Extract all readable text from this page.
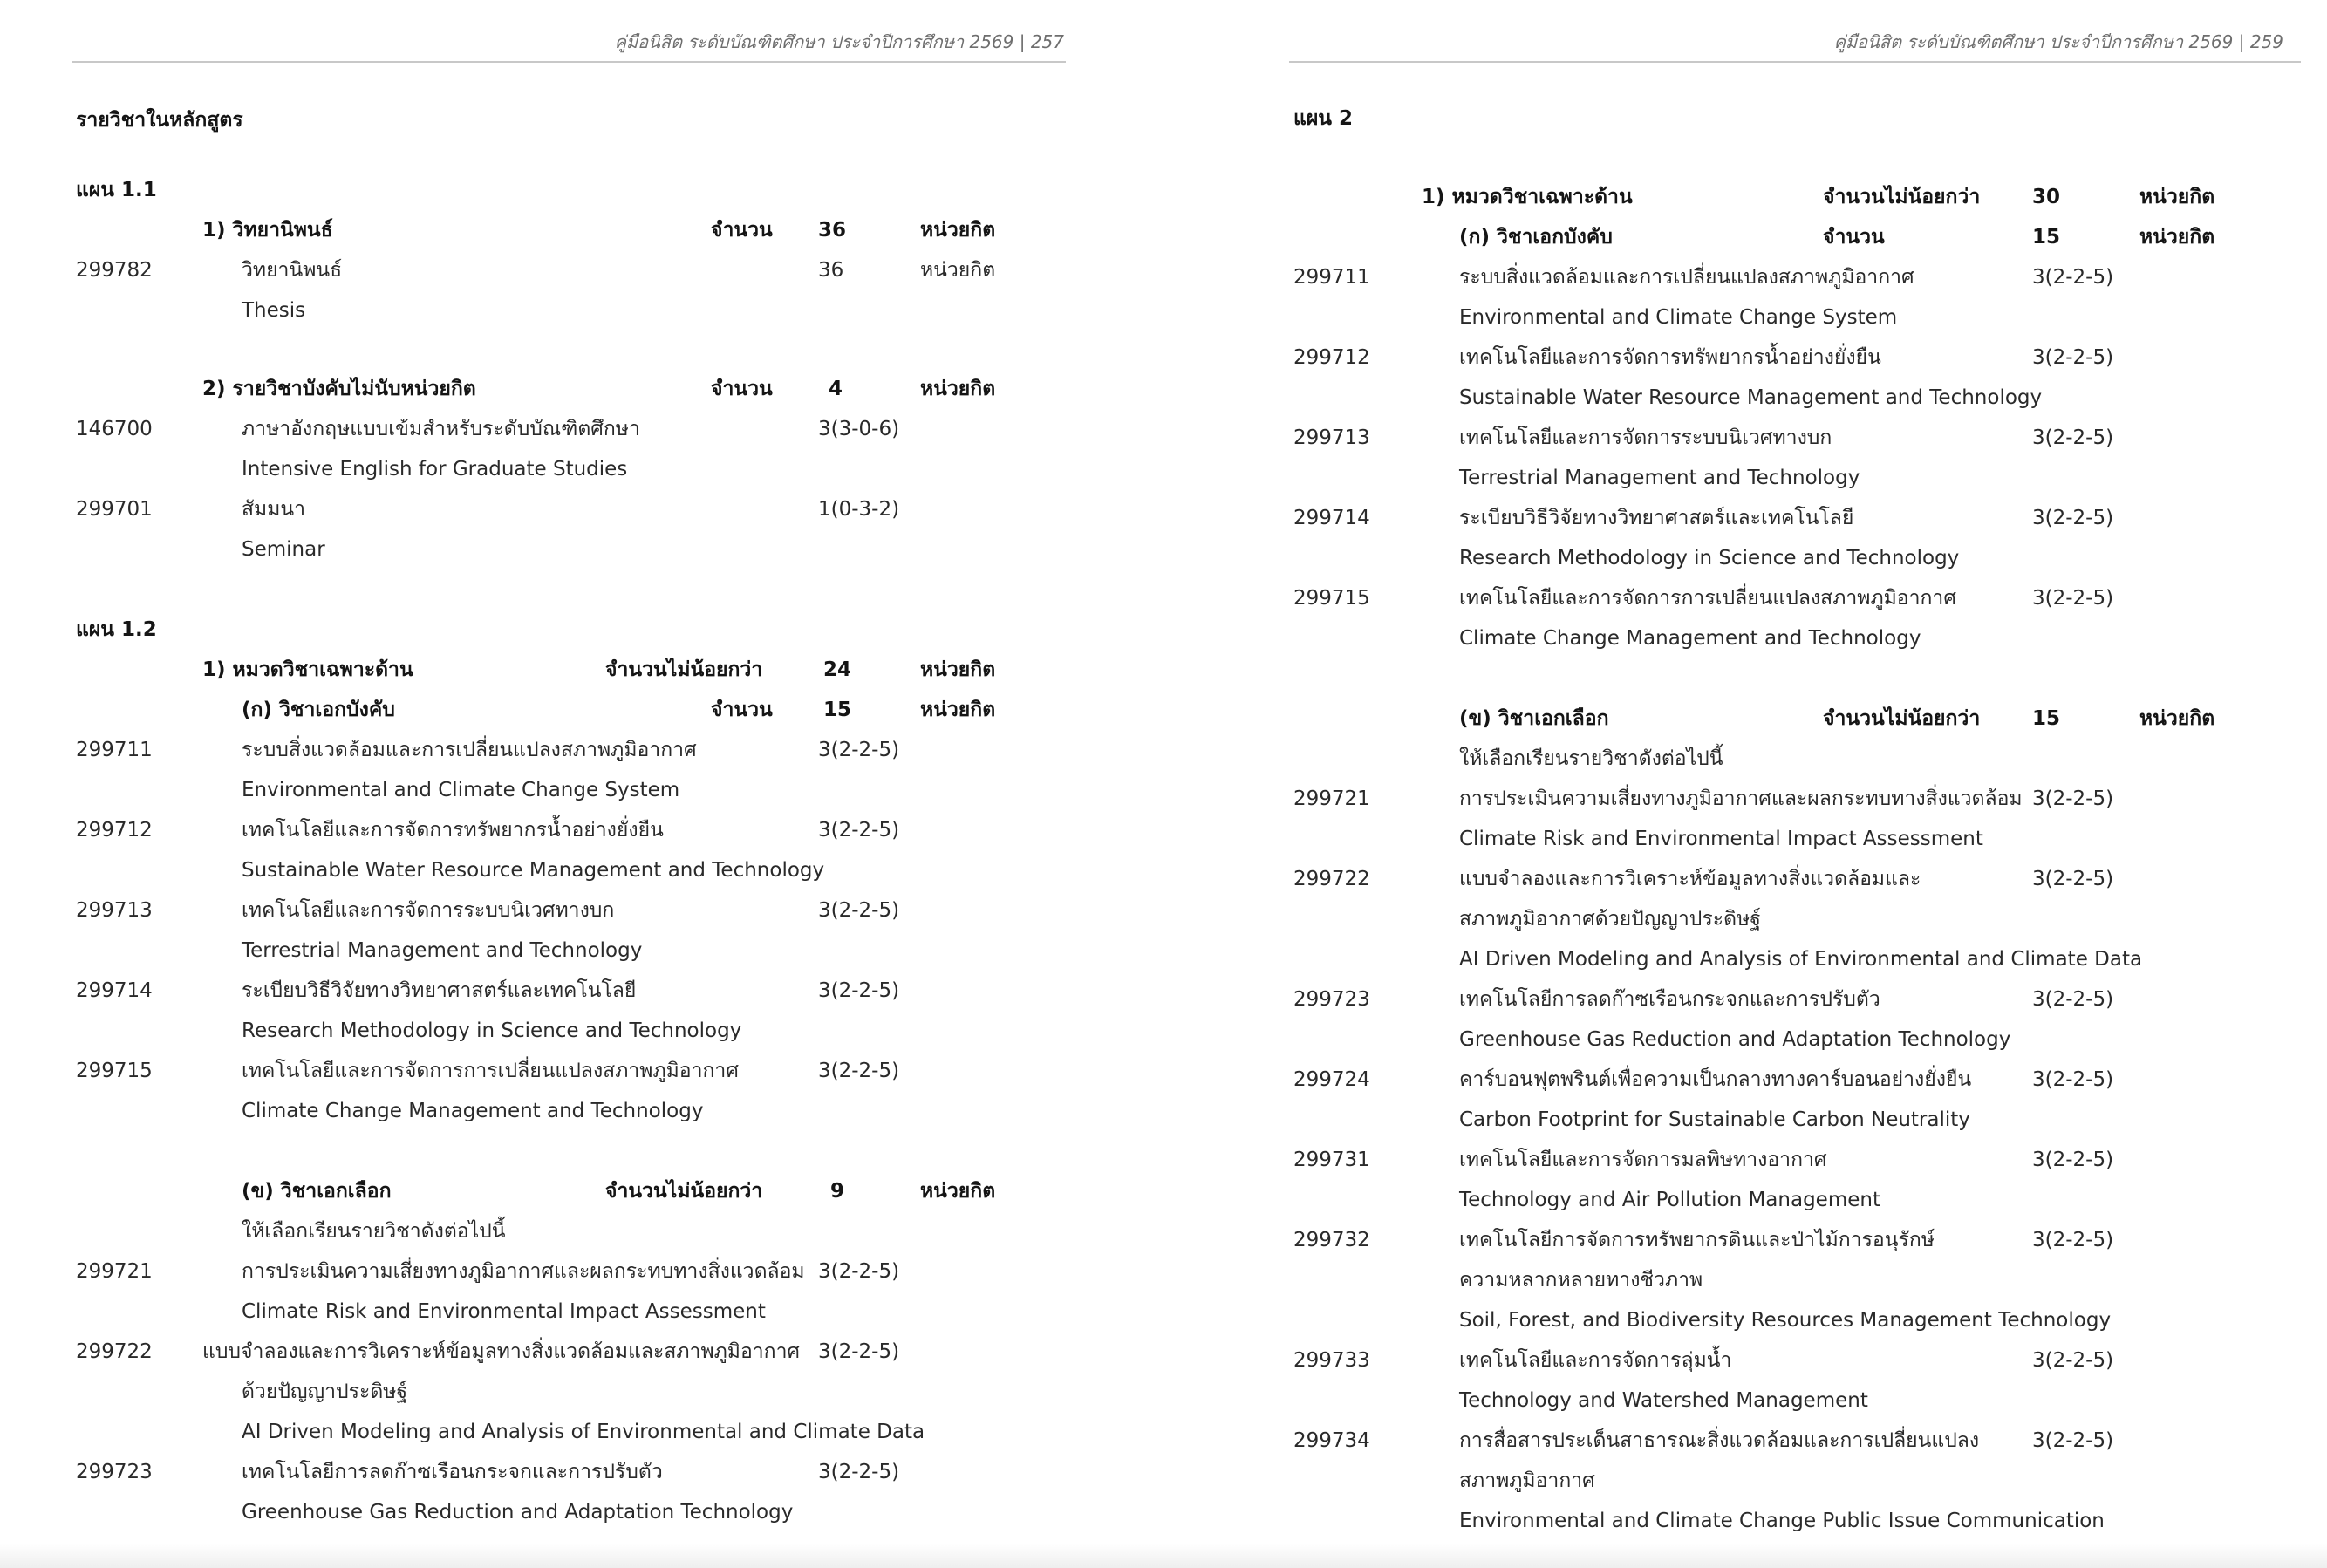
คู่มือนิสิต ระดับบัณฑิตศึกษา ประจำปีการศึกษา 2569 | 257
รายวิชาในหลักสูตร
แผน 1.1
1) วิทยานิพนธ์	จำนวน 36	หน่วยกิต
299782	วิทยานิพนธ์	36	หน่วยกิต
Thesis
2) รายวิชาบังคับไม่นับหน่วยกิต	จำนวน	4	หน่วยกิต
146700	ภาษาอังกฤษแบบเข้มสำหรับระดับบัณฑิตศึกษา	3(3-0-6)
Intensive English for Graduate Studies
299701	สัมมนา	1(0-3-2)
Seminar
แผน 1.2
1) หมวดวิชาเฉพาะด้าน	จำนวนไม่น้อยกว่า	24	หน่วยกิต
(ก) วิชาเอกบังคับ	จำนวน	15	หน่วยกิต
299711	ระบบสิ่งแวดล้อมและการเปลี่ยนแปลงสภาพภูมิอากาศ	3(2-2-5)
Environmental and Climate Change System
299712	เทคโนโลยีและการจัดการทรัพยากรน้ำอย่างยั่งยืน	3(2-2-5)
Sustainable Water Resource Management and Technology
299713	เทคโนโลยีและการจัดการระบบนิเวศทางบก	3(2-2-5)
Terrestrial Management and Technology
299714	ระเบียบวิธีวิจัยทางวิทยาศาสตร์และเทคโนโลยี	3(2-2-5)
Research Methodology in Science and Technology
299715	เทคโนโลยีและการจัดการการเปลี่ยนแปลงสภาพภูมิอากาศ	3(2-2-5)
Climate Change Management and Technology
(ข) วิชาเอกเลือก	จำนวนไม่น้อยกว่า	9	หน่วยกิต
ให้เลือกเรียนรายวิชาดังต่อไปนี้
299721	การประเมินความเสี่ยงทางภูมิอากาศและผลกระทบทางสิ่งแวดล้อม 3(2-2-5)
Climate Risk and Environmental Impact Assessment
299722 แบบจำลองและการวิเคราะห์ข้อมูลทางสิ่งแวดล้อมและสภาพภูมิอากาศ 3(2-2-5)
ด้วยปัญญาประดิษฐ์
AI Driven Modeling and Analysis of Environmental and Climate Data
299723	เทคโนโลยีการลดก๊าซเรือนกระจกและการปรับตัว	3(2-2-5)
Greenhouse Gas Reduction and Adaptation Technology
คู่มือนิสิต ระดับบัณฑิตศึกษา ประจำปีการศึกษา 2569 | 259
แผน 2
1) หมวดวิชาเฉพาะด้าน	จำนวนไม่น้อยกว่า	30	หน่วยกิต
(ก) วิชาเอกบังคับ	จำนวน	15	หน่วยกิต
299711	ระบบสิ่งแวดล้อมและการเปลี่ยนแปลงสภาพภูมิอากาศ	3(2-2-5)
Environmental and Climate Change System
299712	เทคโนโลยีและการจัดการทรัพยากรน้ำอย่างยั่งยืน	3(2-2-5)
Sustainable Water Resource Management and Technology
299713	เทคโนโลยีและการจัดการระบบนิเวศทางบก	3(2-2-5)
Terrestrial Management and Technology
299714	ระเบียบวิธีวิจัยทางวิทยาศาสตร์และเทคโนโลยี	3(2-2-5)
Research Methodology in Science and Technology
299715	เทคโนโลยีและการจัดการการเปลี่ยนแปลงสภาพภูมิอากาศ	3(2-2-5)
Climate Change Management and Technology
(ข) วิชาเอกเลือก	จำนวนไม่น้อยกว่า	15	หน่วยกิต
ให้เลือกเรียนรายวิชาดังต่อไปนี้
299721	การประเมินความเสี่ยงทางภูมิอากาศและผลกระทบทางสิ่งแวดล้อม 3(2-2-5)
Climate Risk and Environmental Impact Assessment
299722	แบบจำลองและการวิเคราะห์ข้อมูลทางสิ่งแวดล้อมและ	3(2-2-5)
สภาพภูมิอากาศด้วยปัญญาประดิษฐ์
AI Driven Modeling and Analysis of Environmental and Climate Data
299723	เทคโนโลยีการลดก๊าซเรือนกระจกและการปรับตัว	3(2-2-5)
Greenhouse Gas Reduction and Adaptation Technology
299724	คาร์บอนฟุตพรินต์เพื่อความเป็นกลางทางคาร์บอนอย่างยั่งยืน	3(2-2-5)
Carbon Footprint for Sustainable Carbon Neutrality
299731	เทคโนโลยีและการจัดการมลพิษทางอากาศ	3(2-2-5)
Technology and Air Pollution Management
299732	เทคโนโลยีการจัดการทรัพยากรดินและป่าไม้การอนุรักษ์	3(2-2-5)
ความหลากหลายทางชีวภาพ
Soil, Forest, and Biodiversity Resources Management Technology
299733	เทคโนโลยีและการจัดการลุ่มน้ำ	3(2-2-5)
Technology and Watershed Management
299734	การสื่อสารประเด็นสาธารณะสิ่งแวดล้อมและการเปลี่ยนแปลง	3(2-2-5)
สภาพภูมิอากาศ
Environmental and Climate Change Public Issue Communication
